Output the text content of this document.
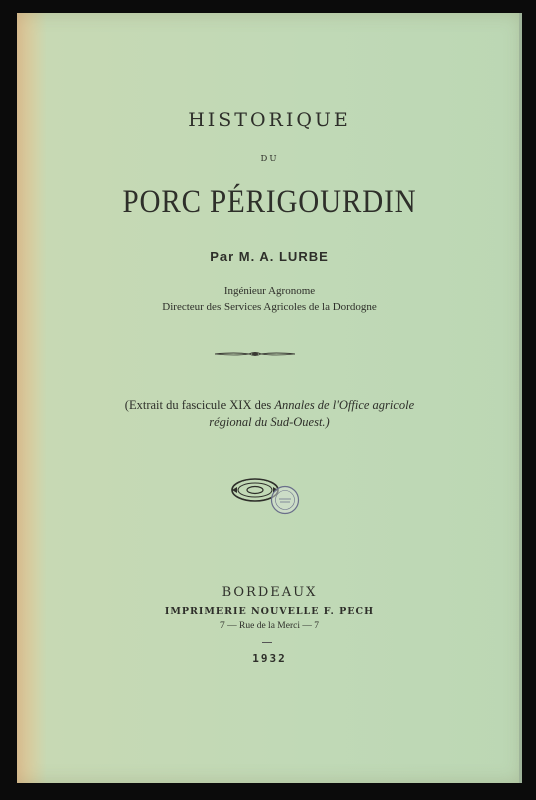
HISTORIQUE
DU
PORC PÉRIGOURDIN
Par M. A. LURBE
Ingénieur Agronome
Directeur des Services Agricoles de la Dordogne
(Extrait du fascicule XIX des Annales de l'Office agricole
régional du Sud-Ouest.)
BORDEAUX
IMPRIMERIE NOUVELLE F. PECH
7 — Rue de la Merci — 7
1932
